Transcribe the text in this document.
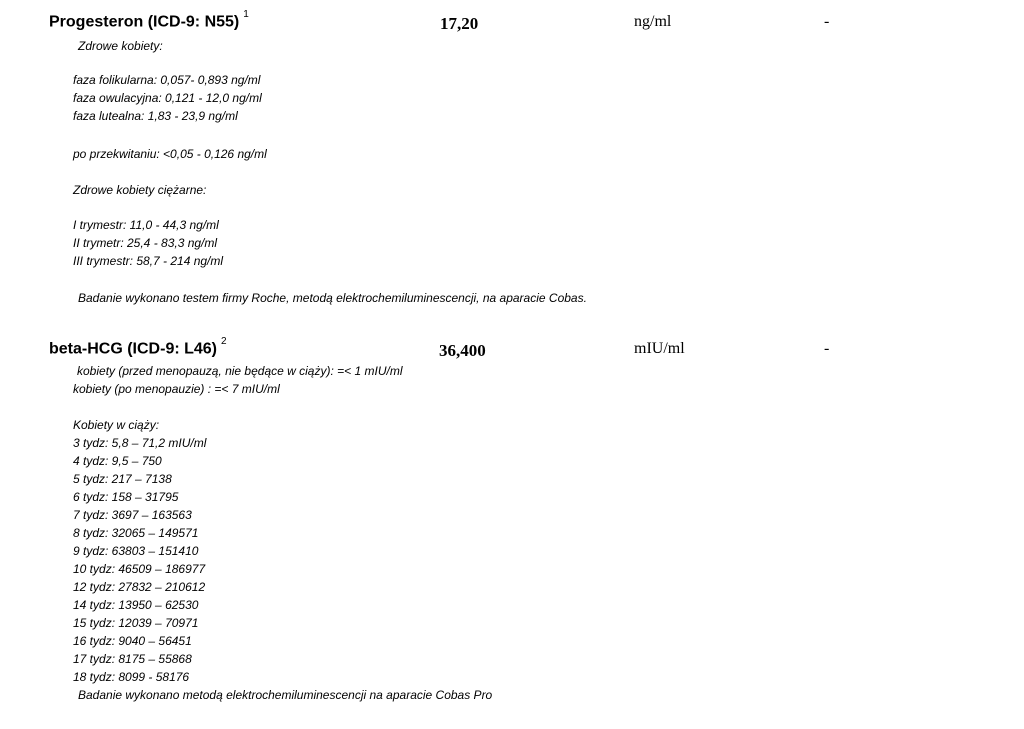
Progesteron (ICD-9: N55) $^1$	17,20	ng/ml	-
Zdrowe kobiety:
faza folikularna: 0,057- 0,893 ng/ml
faza owulacyjna: 0,121 - 12,0 ng/ml
faza lutealna: 1,83 - 23,9 ng/ml
po przekwitaniu: <0,05 - 0,126 ng/ml
Zdrowe kobiety ciężarne:
I trymestr: 11,0 - 44,3 ng/ml
II trymetr: 25,4 - 83,3 ng/ml
III trymestr: 58,7 - 214 ng/ml
Badanie wykonano testem firmy Roche, metodą elektrochemiluminescencji, na aparacie Cobas.
beta-HCG (ICD-9: L46) $^2$	36,400	mIU/ml	-
kobiety (przed menopauzą, nie będące w ciąży): =< 1 mIU/ml
kobiety (po menopauzie) : =< 7 mIU/ml
Kobiety w ciąży:
3 tydz: 5,8 – 71,2 mIU/ml
4 tydz: 9,5 – 750
5 tydz: 217 – 7138
6 tydz: 158 – 31795
7 tydz: 3697 – 163563
8 tydz: 32065 – 149571
9 tydz: 63803 – 151410
10 tydz: 46509 – 186977
12 tydz: 27832 – 210612
14 tydz: 13950 – 62530
15 tydz: 12039 – 70971
16 tydz: 9040 – 56451
17 tydz: 8175 – 55868
18 tydz: 8099 - 58176
Badanie wykonano metodą elektrochemiluminescencji na aparacie Cobas Pro
